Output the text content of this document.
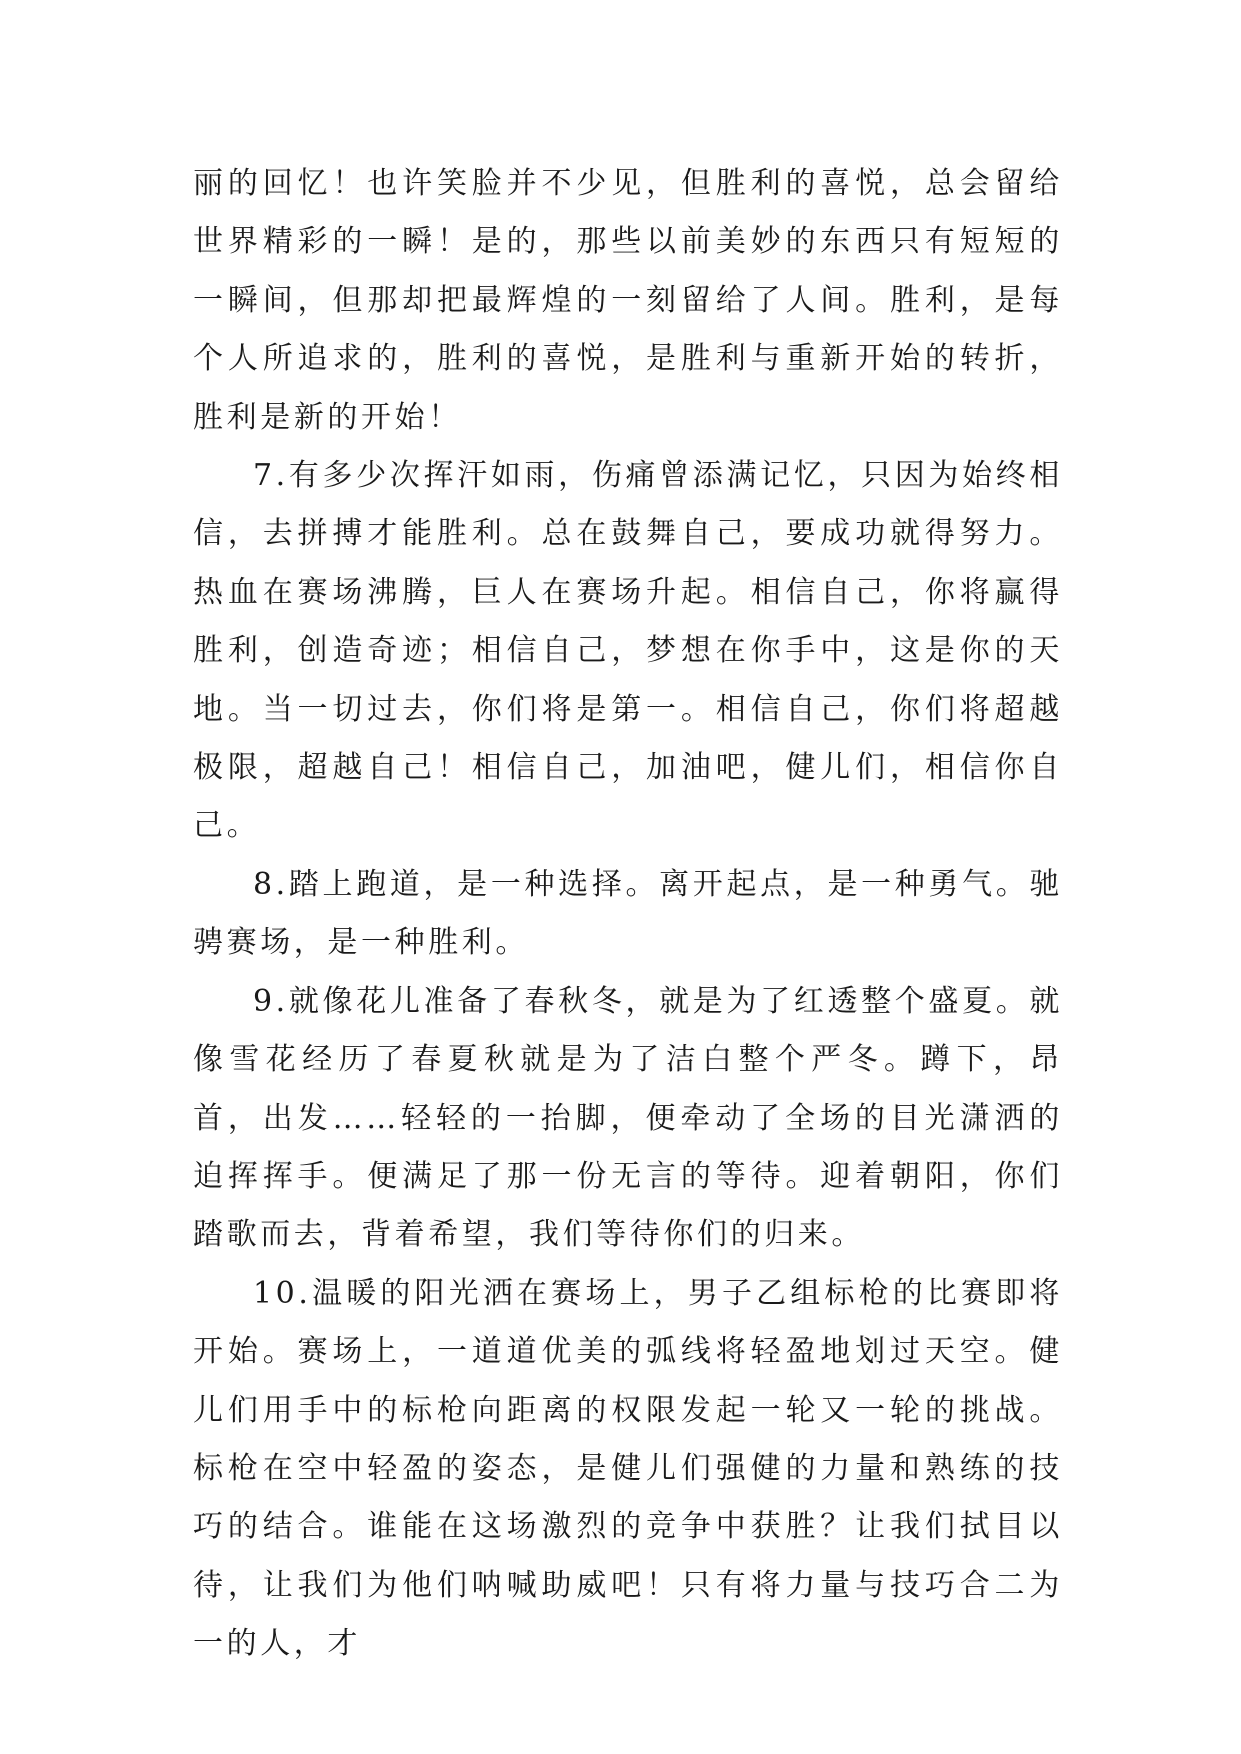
丽的回忆！也许笑脸并不少见，但胜利的喜悦，总会留给世界精彩的一瞬！是的，那些以前美妙的东西只有短短的一瞬间，但那却把最辉煌的一刻留给了人间。胜利，是每个人所追求的，胜利的喜悦，是胜利与重新开始的转折，胜利是新的开始！

7.有多少次挥汗如雨，伤痛曾添满记忆，只因为始终相信，去拼搏才能胜利。总在鼓舞自己，要成功就得努力。热血在赛场沸腾，巨人在赛场升起。相信自己，你将赢得胜利，创造奇迹；相信自己，梦想在你手中，这是你的天地。当一切过去，你们将是第一。相信自己，你们将超越极限，超越自己！相信自己，加油吧，健儿们，相信你自己。

8.踏上跑道，是一种选择。离开起点，是一种勇气。驰骋赛场，是一种胜利。

9.就像花儿准备了春秋冬，就是为了红透整个盛夏。就像雪花经历了春夏秋就是为了洁白整个严冬。蹲下，昂首，出发……轻轻的一抬脚，便牵动了全场的目光潇洒的迫挥挥手。便满足了那一份无言的等待。迎着朝阳，你们踏歌而去，背着希望，我们等待你们的归来。

10.温暖的阳光洒在赛场上，男子乙组标枪的比赛即将开始。赛场上，一道道优美的弧线将轻盈地划过天空。健儿们用手中的标枪向距离的权限发起一轮又一轮的挑战。标枪在空中轻盈的姿态，是健儿们强健的力量和熟练的技巧的结合。谁能在这场激烈的竞争中获胜？让我们拭目以待，让我们为他们呐喊助威吧！只有将力量与技巧合二为一的人，才
